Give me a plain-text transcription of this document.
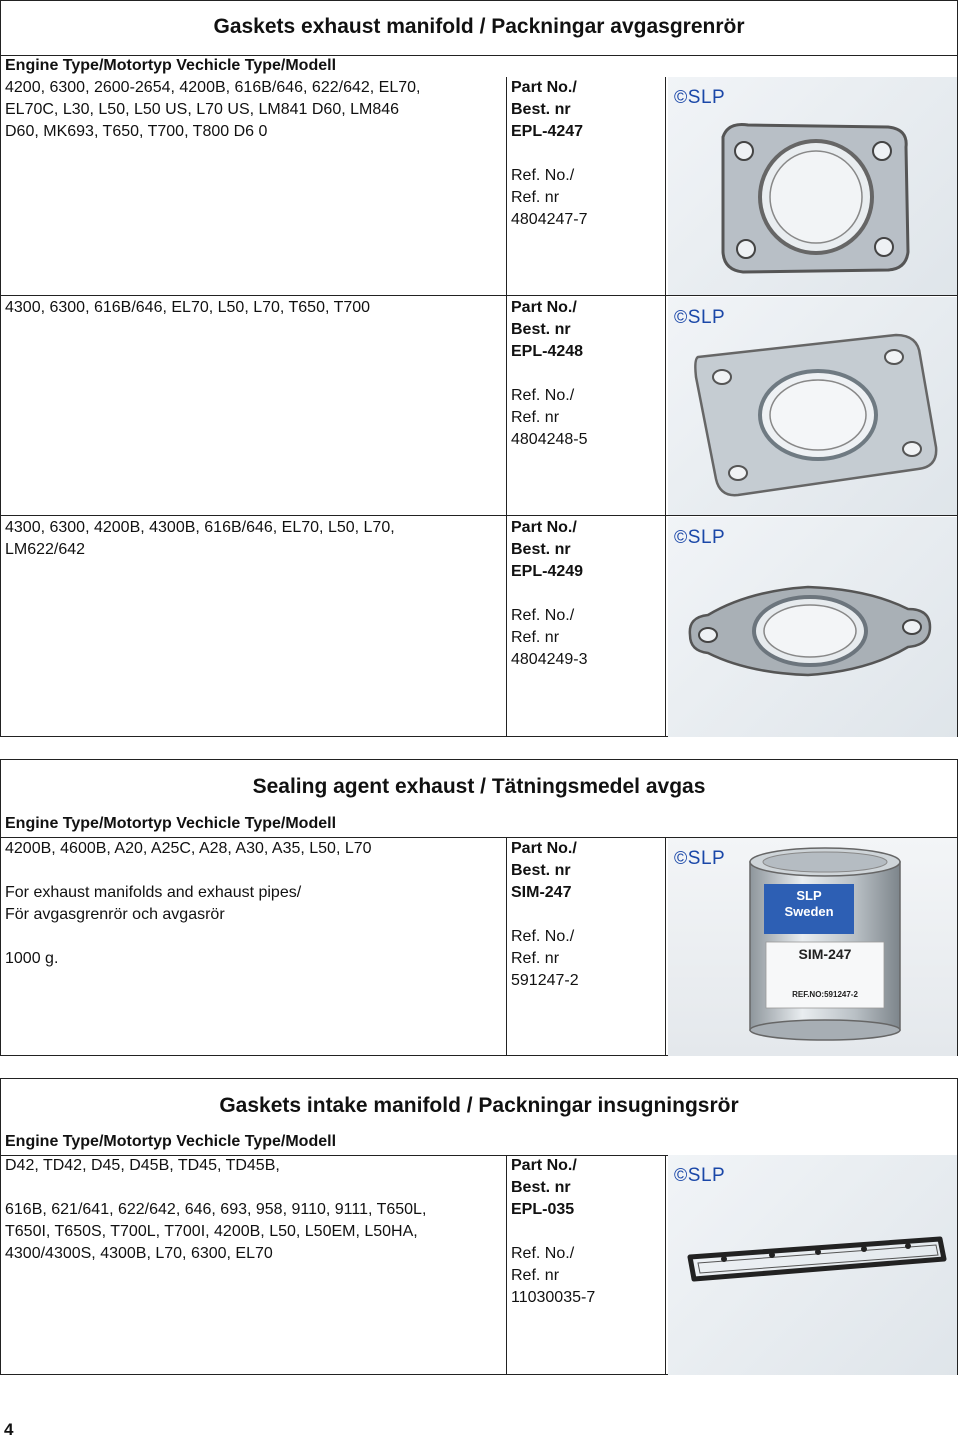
Gaskets exhaust manifold / Packningar avgasgrenrör
Engine Type/Motortyp Vechicle Type/Modell
4200, 6300, 2600-2654, 4200B, 616B/646, 622/642, EL70,
EL70C, L30, L50, L50 US, L70 US, LM841 D60, LM846
D60, MK693, T650, T700, T800 D6 0
Part No./
Best. nr
EPL-4247
Ref. No./
Ref. nr
4804247-7
©SLP
4300, 6300, 616B/646, EL70, L50, L70, T650, T700	Part No./
Best. nr
EPL-4248
Ref. No./
Ref. nr
4804248-5
©SLP
4300, 6300, 4200B, 4300B, 616B/646, EL70, L50, L70,
LM622/642
Part No./
Best. nr
EPL-4249
Ref. No./
Ref. nr
4804249-3
©SLP
Sealing agent exhaust / Tätningsmedel avgas
Engine Type/Motortyp Vechicle Type/Modell
4200B, 4600B, A20, A25C, A28, A30, A35, L50, L70
For exhaust manifolds and exhaust pipes/
För avgasgrenrör och avgasrör
1000 g.
Part No./
Best. nr
SIM-247
Ref. No./
Ref. nr
591247-2
©SLP
SLP
Sweden
SIM-247
REF.NO:591247-2
Gaskets intake manifold / Packningar insugningsrör
Engine Type/Motortyp Vechicle Type/Modell
D42, TD42, D45, D45B, TD45, TD45B,
616B, 621/641, 622/642, 646, 693, 958, 9110, 9111, T650L,
T650I, T650S, T700L, T700I, 4200B, L50, L50EM, L50HA,
4300/4300S, 4300B, L70, 6300, EL70
Part No./
Best. nr
EPL-035
Ref. No./
Ref. nr
11030035-7
©SLP
4
